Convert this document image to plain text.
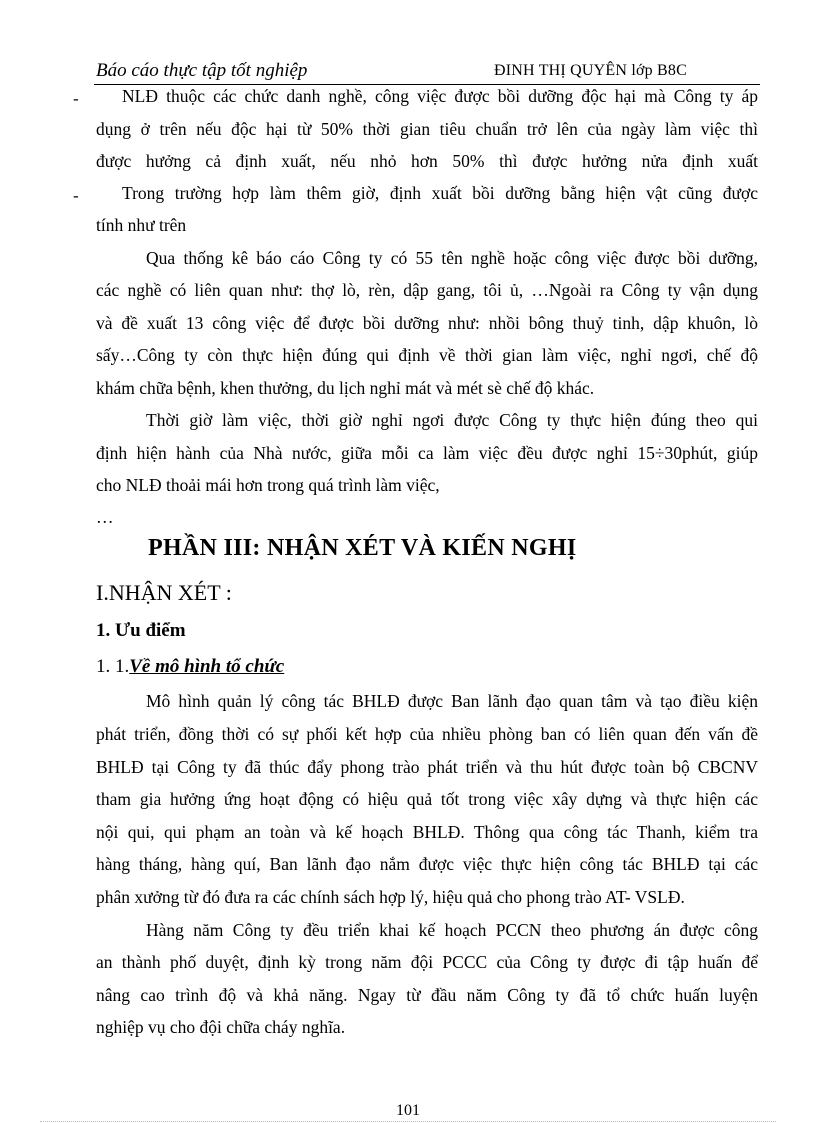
Báo cáo thực tập tốt nghiệp	ĐINH THỊ QUYÊN lớp B8C
- NLĐ thuộc các chức danh nghề, công việc được bồi dưỡng độc hại mà Công ty áp
dụng ở trên nếu độc hại từ 50% thời gian tiêu chuẩn trở lên của ngày làm việc thì
được hưởng cả định xuất, nếu nhỏ hơn 50% thì được hưởng nửa định xuất
- Trong trường hợp làm thêm giờ, định xuất bồi dưỡng bằng hiện vật cũng được
tính như trên
Qua thống kê báo cáo Công ty có 55 tên nghề hoặc công việc được bồi dưỡng,
các nghề có liên quan như: thợ lò, rèn, dập gang, tôi ủ, …Ngoài ra Công ty vận dụng
và đề xuất 13 công việc để được bồi dưỡng như: nhồi bông thuỷ tinh, dập khuôn, lò
sấy…Công ty còn thực hiện đúng qui định về thời gian làm việc, nghỉ ngơi, chế độ
khám chữa bệnh, khen thưởng, du lịch nghỉ mát và mét sè chế độ khác.
Thời giờ làm việc, thời giờ nghỉ ngơi được Công ty thực hiện đúng theo qui
định hiện hành của Nhà nước, giữa mỗi ca làm việc đều được nghỉ 15÷30phút, giúp
cho NLĐ thoải mái hơn trong quá trình làm việc,
…
PHẦN III: NHẬN XÉT VÀ KIẾN NGHỊ
I.NHẬN XÉT :
1. Ưu điểm
1. 1.Về mô hình tổ chức
Mô hình quản lý công tác BHLĐ được Ban lãnh đạo quan tâm và tạo điều kiện
phát triển, đồng thời có sự phối kết hợp của nhiều phòng ban có liên quan đến vấn đề
BHLĐ tại Công ty đã thúc đẩy phong trào phát triển và thu hút được toàn bộ CBCNV
tham gia hưởng ứng hoạt động có hiệu quả tốt trong việc xây dựng và thực hiện các
nội qui, qui phạm an toàn và kế hoạch BHLĐ. Thông qua công tác Thanh, kiểm tra
hàng tháng, hàng quí, Ban lãnh đạo nắm được việc thực hiện công tác BHLĐ tại các
phân xưởng từ đó đưa ra các chính sách hợp lý, hiệu quả cho phong trào AT- VSLĐ.
Hàng năm Công ty đều triển khai kế hoạch PCCN theo phương án được công
an thành phố duyệt, định kỳ trong năm đội PCCC của Công ty được đi tập huấn để
nâng cao trình độ và khả năng. Ngay từ đầu năm Công ty đã tổ chức huấn luyện
nghiệp vụ cho đội chữa cháy nghĩa.
101
